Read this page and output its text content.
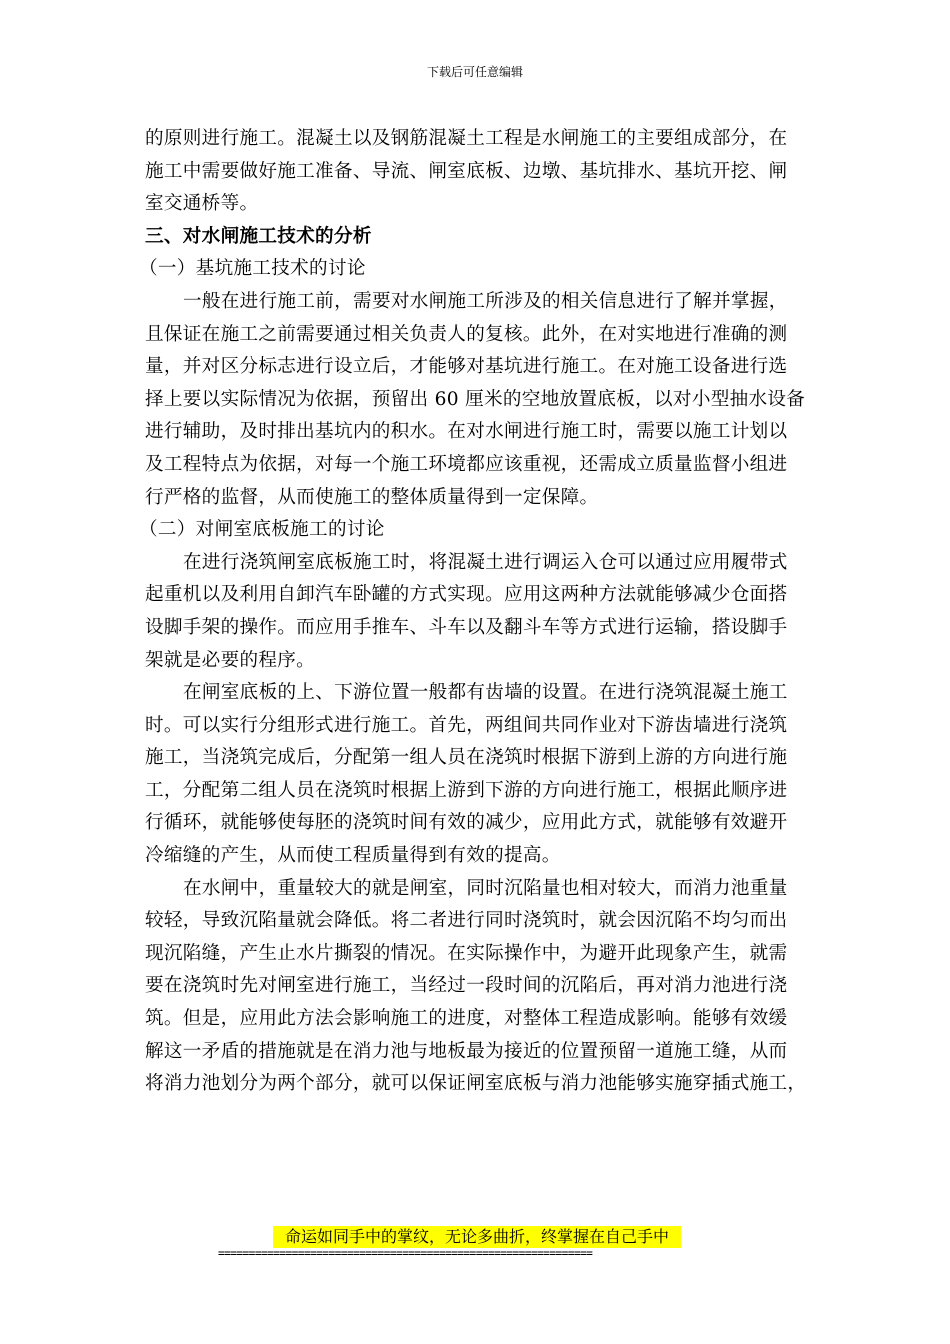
下载后可任意编辑
的原则进行施工。混凝土以及钢筋混凝土工程是水闸施工的主要组成部分，在
施工中需要做好施工准备、导流、闸室底板、边墩、基坑排水、基坑开挖、闸
室交通桥等。
三、对水闸施工技术的分析
（一）基坑施工技术的讨论
一般在进行施工前，需要对水闸施工所涉及的相关信息进行了解并掌握，
且保证在施工之前需要通过相关负责人的复核。此外，在对实地进行准确的测
量，并对区分标志进行设立后，才能够对基坑进行施工。在对施工设备进行选
择上要以实际情况为依据，预留出 60 厘米的空地放置底板，以对小型抽水设备
进行辅助，及时排出基坑内的积水。在对水闸进行施工时，需要以施工计划以
及工程特点为依据，对每一个施工环境都应该重视，还需成立质量监督小组进
行严格的监督，从而使施工的整体质量得到一定保障。
（二）对闸室底板施工的讨论
在进行浇筑闸室底板施工时，将混凝土进行调运入仓可以通过应用履带式
起重机以及利用自卸汽车卧罐的方式实现。应用这两种方法就能够减少仓面搭
设脚手架的操作。而应用手推车、斗车以及翻斗车等方式进行运输，搭设脚手
架就是必要的程序。
在闸室底板的上、下游位置一般都有齿墙的设置。在进行浇筑混凝土施工
时。可以实行分组形式进行施工。首先，两组间共同作业对下游齿墙进行浇筑
施工，当浇筑完成后，分配第一组人员在浇筑时根据下游到上游的方向进行施
工，分配第二组人员在浇筑时根据上游到下游的方向进行施工，根据此顺序进
行循环，就能够使每胚的浇筑时间有效的减少，应用此方式，就能够有效避开
冷缩缝的产生，从而使工程质量得到有效的提高。
在水闸中，重量较大的就是闸室，同时沉陷量也相对较大，而消力池重量
较轻，导致沉陷量就会降低。将二者进行同时浇筑时，就会因沉陷不均匀而出
现沉陷缝，产生止水片撕裂的情况。在实际操作中，为避开此现象产生，就需
要在浇筑时先对闸室进行施工，当经过一段时间的沉陷后，再对消力池进行浇
筑。但是，应用此方法会影响施工的进度，对整体工程造成影响。能够有效缓
解这一矛盾的措施就是在消力池与地板最为接近的位置预留一道施工缝，从而
将消力池划分为两个部分，就可以保证闸室底板与消力池能够实施穿插式施工，
命运如同手中的掌纹，无论多曲折，终掌握在自己手中
=============================================================
